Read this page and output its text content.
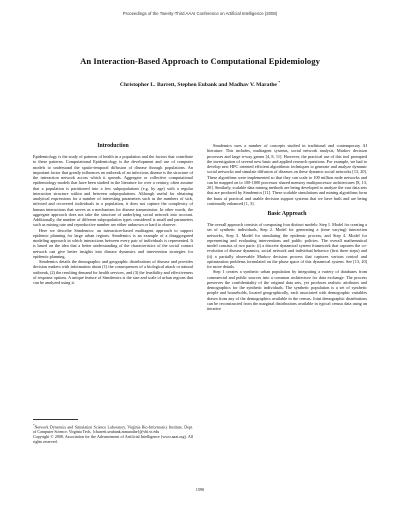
Proceedings of the Twenty-Third AAAI Conference on Artificial Intelligence (2008)
An Interaction-Based Approach to Computational Epidemiology
Christopher L. Barrett, Stephen Eubank and Madhav V. Marathe *
Introduction

Epidemiology is the study of patterns of health in a population and the factors that contribute to these patterns. Computational Epidemiology is the development and use of computer models to understand the spatio-temporal diffusion of disease through populations. An important factor that greatly influences an outbreak of an infectious disease is the structure of the interaction network across which it spreads. Aggregate or collective computational epidemiology models that have been studied in the literature for over a century, often assume that a population is partitioned into a few subpopulations (e.g. by age) with a regular interaction structure within and between subpopulations. Although useful for obtaining analytical expressions for a number of interesting parameters such as the numbers of sick, infected and recovered individuals in a population, it does not capture the complexity of human interactions that serves as a mechanism for disease transmission. In other words, the aggregate approach does not take the structure of underlying social network into account. Additionally, the number of different subpopulation types considered is small and parameters such as mixing rate and reproductive number are either unknown or hard to observe.

Here we describe Simdemics: an interaction-based multiagent approach to support epidemic planning for large urban regions. Simdemics is an example of a disaggregated modeling approach in which interactions between every pair of individuals is represented. It is based on the idea that a better understanding of the characteristics of the social contact network can give better insights into disease dynamics and intervention strategies for epidemic planning.

Simdemics details the demographic and geographic distributions of disease and provides decision makers with information about (1) the consequences of a biological attack or natural outbreak, (2) the resulting demand for health services, and (3) the feasibility and effectiveness of response options. A unique feature of Simdemics is the size and scale of urban regions that can be analyzed using it.

*Network Dynamics and Simulation Science Laboratory, Virginia Bio-Informatics Institute, Dept. of Computer Science, Virginia Tech, {cbarrett,seubank,mmarathe}@vbi.vt.edu
Copyright © 2008, Association for the Advancement of Artificial Intelligence (www.aaai.org). All rights reserved.

Simdemics uses a number of concepts studied in traditional and contemporary AI literature. This includes, multiagent systems, social network analysis, Markov decision processes and large n-way games [4, 8, 11]. However, the practical use of this tool prompted the investigation of several new basic and applied research questions. For example, we had to develop new HPC oriented efficient algorithmic techniques to generate and analyze dynamic social networks and simulate diffusion of diseases on these dynamic social networks [13, 20]. These algorithms were implemented so that they can scale to 100 million node networks and can be mapped on to 100-1000 processor shared memory multiprocessor architectures [8, 13, 20]. Similarly, scalable data mining methods are being developed to analyze the vast data sets that are produced by Simdemics [11]. These scalable simulations and mining algorithms form the basis of practical and usable decision support systems that we have built and are being continually enhanced [1, 3].

Basic Approach

The overall approach consists of composing four distinct models: Step 1. Model for creating a set of synthetic individuals, Step 2. Model for generating a (time varying) interaction networks, Step 3. Model for simulating the epidemic process, and Step 4. Model for representing and evaluating interventions and public policies. The overall mathematical model consists of two parts: (i) a discrete dynamical system framework that captures the co-evolution of disease dynamics, social network and individual behavior (first three steps) and (ii) a partially observable Markov decision process that captures various control and optimization problems formulated on the phase space of this dynamical system. See [13, 20] for more details.

Step 1 creates a synthetic urban population by integrating a variety of databases from commercial and public sources into a common architecture for data exchange. The process preserves the confidentiality of the original data sets, yet produces realistic attributes and demographics for the synthetic individuals. The synthetic population is a set of synthetic people and households, located geographically, each associated with demographic variables drawn from any of the demographics available in the census. Joint demographic distributions can be reconstructed from the marginal distributions available in typical census data using an iterative

1590
